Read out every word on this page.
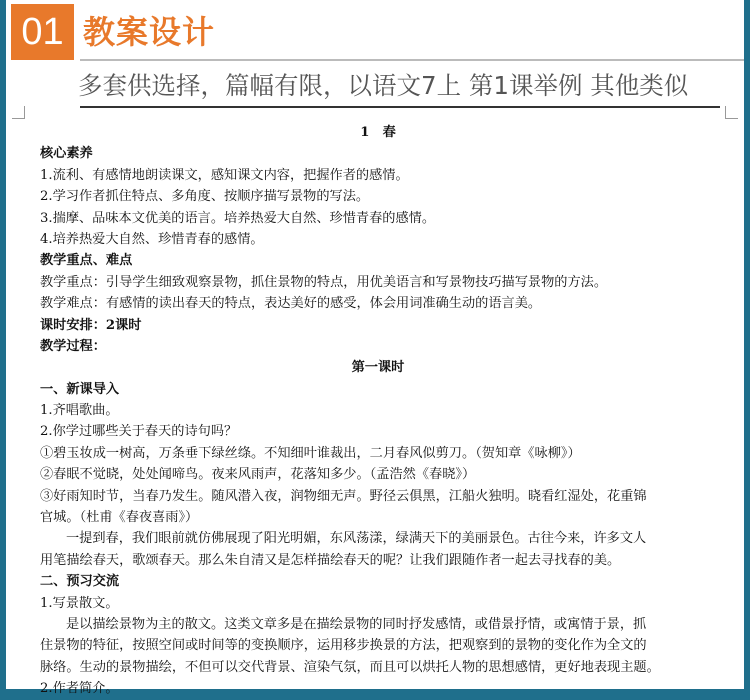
01 教案设计
多套供选择，篇幅有限，以语文7上 第1课举例 其他类似
1　春
核心素养
1.流利、有感情地朗读课文，感知课文内容，把握作者的感情。
2.学习作者抓住特点、多角度、按顺序描写景物的写法。
3.揣摩、品味本文优美的语言。培养热爱大自然、珍惜青春的感情。
4.培养热爱大自然、珍惜青春的感情。
教学重点、难点
教学重点：引导学生细致观察景物，抓住景物的特点，用优美语言和写景物技巧描写景物的方法。
教学难点：有感情的读出春天的特点，表达美好的感受，体会用词准确生动的语言美。
课时安排：2课时
教学过程：
第一课时
一、新课导入
1.齐唱歌曲。
2.你学过哪些关于春天的诗句吗？
①碧玉妆成一树高，万条垂下绿丝绦。不知细叶谁裁出，二月春风似剪刀。（贺知章《咏柳》）
②春眠不觉晓，处处闻啼鸟。夜来风雨声，花落知多少。（孟浩然《春晓》）
③好雨知时节，当春乃发生。随风潜入夜，润物细无声。野径云俱黑，江船火独明。晓看红湿处，花重锦
官城。（杜甫《春夜喜雨》）
一提到春，我们眼前就仿佛展现了阳光明媚，东风荡漾，绿满天下的美丽景色。古往今来，许多文人
用笔描绘春天，歌颂春天。那么朱自清又是怎样描绘春天的呢？让我们跟随作者一起去寻找春的美。
二、预习交流
1.写景散文。
是以描绘景物为主的散文。这类文章多是在描绘景物的同时抒发感情，或借景抒情，或寓情于景，抓
住景物的特征，按照空间或时间等的变换顺序，运用移步换景的方法，把观察到的景物的变化作为全文的
脉络。生动的景物描绘，不但可以交代背景、渲染气氛，而且可以烘托人物的思想感情，更好地表现主题。
2.作者简介。
